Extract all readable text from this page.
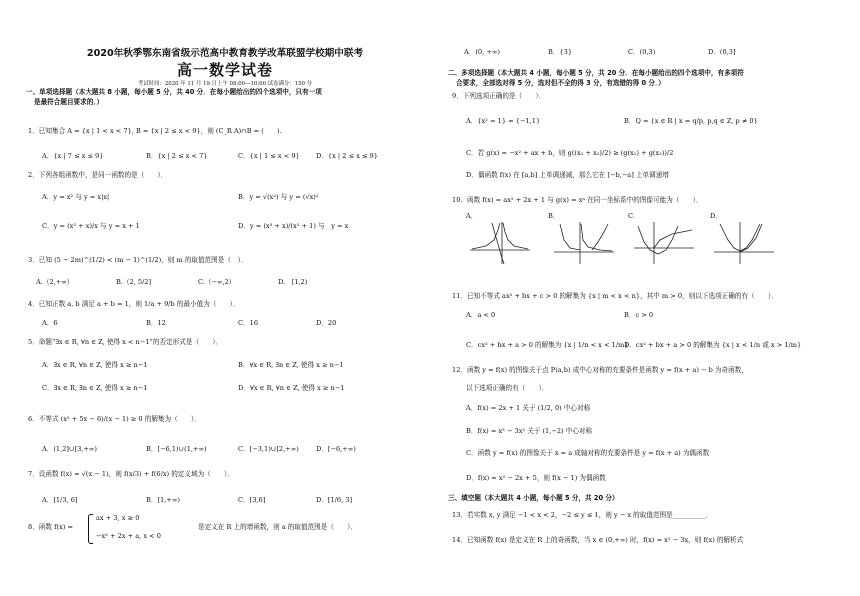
2020年秋季鄂东南省级示范高中教育教学改革联盟学校期中联考
高一数学试卷
考试时间：2020 年 11 月 19 日上午 08:00—10:00 试卷满分：150 分
一、单项选择题（本大题共 8 小题，每小题 5 分，共 40 分．在每小题给出的四个选项中，只有一项
是最符合题目要求的．）
1．已知集合 A = {x | 1 < x < 7}, B = {x | 2 ≤ x < 9}，则 (C_R A)∩B = (　　).
A．{x | 7 ≤ x ≤ 9}	B．{x | 2 ≤ x < 7}	C．{x | 1 ≤ x < 9} D．{x | 2 ≤ x ≤ 9}
2．下列各组函数中，是同一函数的是（　　）．
A．y = x² 与 y = x|x|	B．y = √(x²) 与 y = (√x)²
C．y = (x² + x)/x 与 y = x + 1	D．y = (x³ + x)/(x² + 1) 与　y = x
3．已知 (5 − 2m)^(1/2) < (m − 1)^(1/2)，则 m 的取值范围是（　）．
A.（2,+∞）	B.（2, 5/2]	C.（−∞,2）	D.　[1,2)
4．已知正数 a, b 满足 a + b = 1，则 1/a + 9/b 的最小值为（　　）．
A．6	B．12	C．16	D．20
5．命题“∃x ∈ R, ∀n ∈ Z, 使得 x < n−1”的否定形式是（　　）．
A．∃x ∈ R, ∀n ∈ Z, 使得 x ≥ n−1	B．∀x ∈ R, ∃n ∈ Z, 使得 x ≥ n−1
C．∃x ∈ R, ∃n ∈ Z, 使得 x ≥ n−1	D．∀x ∈ R, ∀n ∈ Z, 使得 x ≥ n−1
6．不等式 (x² + 5x − 6)/(x − 1) ≥ 0 的解集为（　　）．
A．(1,2]∪[3,+∞)	B．[−6,1)∪(1,+∞)	C．[−3,1)∪[2,+∞)	D．[−6,+∞)
7．设函数 f(x) = √(x − 1)，则 f(x/3) + f(6/x) 的定义域为（　　）．
A．[1/3, 6]	B．[1,+∞)	C．[3,6]	D．[1/6, 3]
8．函数 f(x) =
ax + 3, x ≥ 0
−x² + 2x + a, x < 0
是定义在 R 上的增函数，则 a 的取值范围是（　　）．
A．(0, +∞)	B．{3}	C．(0,3)	D．(0,3]
二、多项选择题（本大题共 4 小题，每小题 5 分，共 20 分．在每小题给出的四个选项中，有多项符
合要求，全部选对得 5 分，选对但不全的得 3 分，有选错的得 0 分．）
9．下列选项正确的是（　　）．
A．{x² = 1} = {−1,1}	B．Q = {x ∈ R | x = q/p, p,q ∈ Z, p ≠ 0}
C．若 g(x) = −x² + ax + b，则 g((x₁ + x₂)/2) ≥ (g(x₁) + g(x₂))/2
D．偶函数 f(x) 在 [a,b] 上单调递减，那么它在 [−b,−a] 上单调递增
10．函数 f(x) = ax² + 2x + 1 与 g(x) = xᵃ 在同一坐标系中的图像可能为（　　）．
A．	B．	C．	D．
11．已知不等式 ax² + bx + c > 0 的解集为 {x | m < x < n}，其中 m > 0，则以下选项正确的有（　　）．
A．a < 0	B．c > 0
C．cx² + bx + a > 0 的解集为 {x | 1/n < x < 1/m}
D．cx² + bx + a > 0 的解集为 {x | x < 1/n 或 x > 1/m}
12．函数 y = f(x) 的图像关于点 P(a,b) 成中心对称的充要条件是函数 y = f(x + a) − b 为奇函数，
以下选项正确的有（　　）．
A．f(x) = 2x + 1 关于 (1/2, 0) 中心对称
B．f(x) = x³ − 3x² 关于 (1,−2) 中心对称
C．函数 y = f(x) 的图像关于 x = a 成轴对称的充要条件是 y = f(x + a) 为偶函数
D．f(x) = x² − 2x + 5，则 f(x − 1) 为偶函数
三、填空题（本大题共 4 小题，每小题 5 分，共 20 分）
13．若实数 x, y 满足 −1 < x < 2，−2 ≤ y ≤ 1，则 y − x 的取值范围是__________．
14．已知函数 f(x) 是定义在 R 上的奇函数，当 x ∈ (0,+∞) 时，f(x) = x² − 3x，则 f(x) 的解析式
